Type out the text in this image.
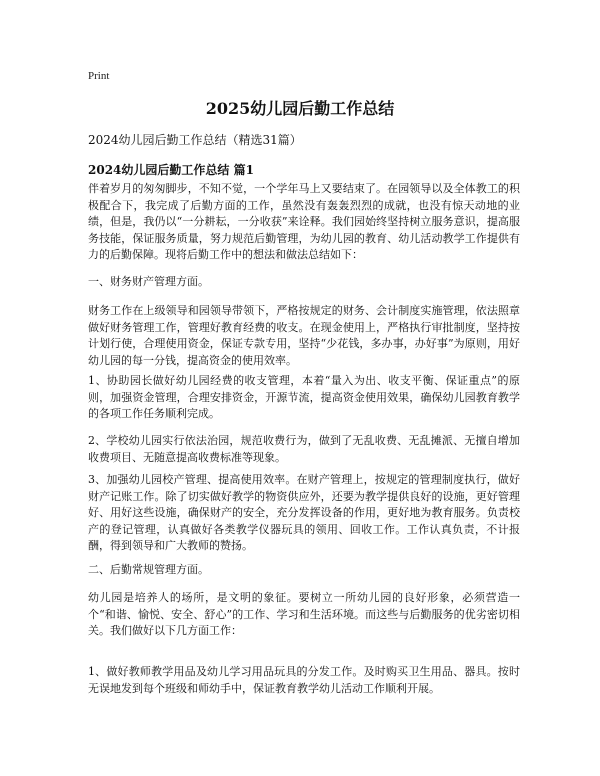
Print
2025幼儿园后勤工作总结
2024幼儿园后勤工作总结（精选31篇）
2024幼儿园后勤工作总结 篇1

伴着岁月的匆匆脚步，不知不觉，一个学年马上又要结束了。在园领导以及全体教工的积极配合下，我完成了后勤方面的工作，虽然没有轰轰烈烈的成就，也没有惊天动地的业绩，但是，我仍以“一分耕耘，一分收获”来诠释。我们园始终坚持树立服务意识，提高服务技能，保证服务质量，努力规范后勤管理，为幼儿园的教育、幼儿活动教学工作提供有力的后勤保障。现将后勤工作中的想法和做法总结如下：

一、财务财产管理方面。

财务工作在上级领导和园领导带领下，严格按规定的财务、会计制度实施管理，依法照章做好财务管理工作，管理好教育经费的收支。在现金使用上，严格执行审批制度，坚持按计划行使，合理使用资金，保证专款专用，坚持“少花钱，多办事，办好事”为原则，用好幼儿园的每一分钱，提高资金的使用效率。

1、协助园长做好幼儿园经费的收支管理，本着“量入为出、收支平衡、保证重点”的原则，加强资金管理，合理安排资金，开源节流，提高资金使用效果，确保幼儿园教育教学的各项工作任务顺利完成。

2、学校幼儿园实行依法治园，规范收费行为，做到了无乱收费、无乱摊派、无擅自增加收费项目、无随意提高收费标准等现象。

3、加强幼儿园校产管理、提高使用效率。在财产管理上，按规定的管理制度执行，做好财产记账工作。除了切实做好教学的物资供应外，还要为教学提供良好的设施，更好管理好、用好这些设施，确保财产的安全，充分发挥设备的作用，更好地为教育服务。负责校产的登记管理，认真做好各类教学仪器玩具的领用、回收工作。工作认真负责，不计报酬，得到领导和广大教师的赞扬。

二、后勤常规管理方面。

幼儿园是培养人的场所，是文明的象征。要树立一所幼儿园的良好形象，必须营造一个“和谐、愉悦、安全、舒心”的工作、学习和生活环境。而这些与后勤服务的优劣密切相关。我们做好以下几方面工作：

1、做好教师教学用品及幼儿学习用品玩具的分发工作。及时购买卫生用品、器具。按时无误地发到每个班级和师幼手中，保证教育教学幼儿活动工作顺利开展。
